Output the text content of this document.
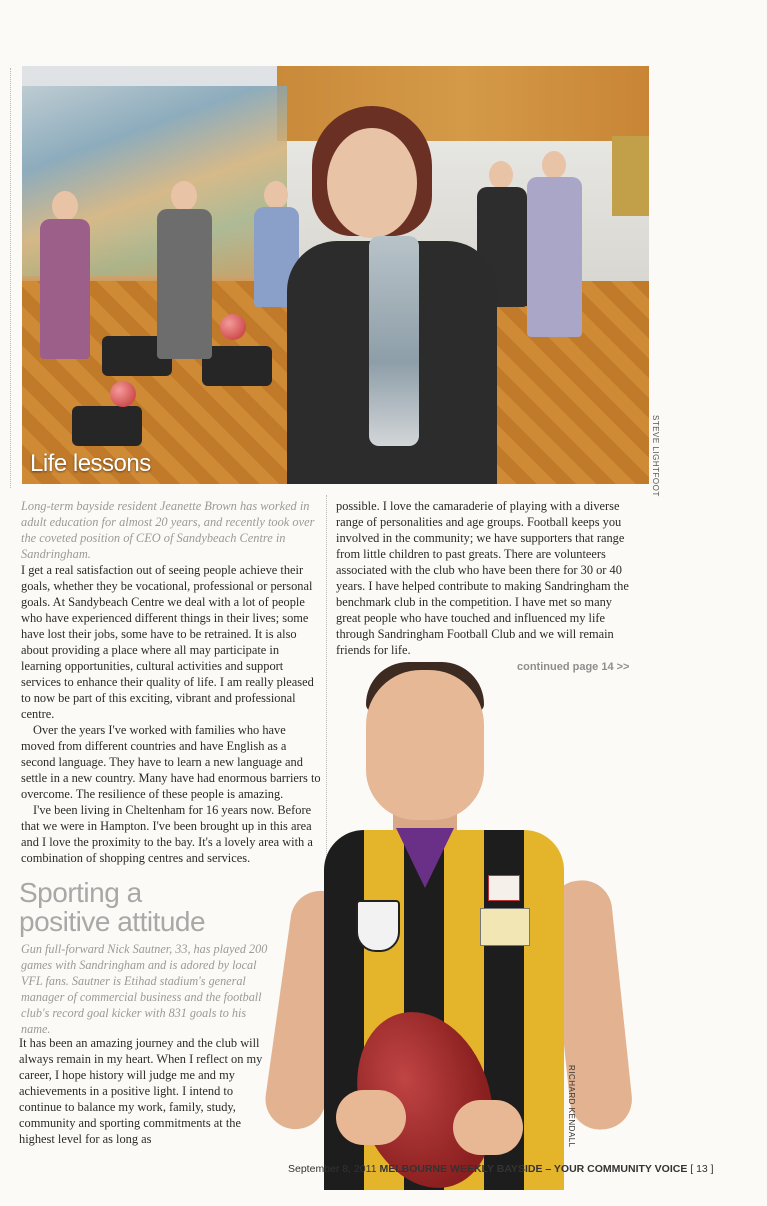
Life lessons	STEVE LIGHTFOOT

Long-term bayside resident Jeanette Brown has worked in adult education for almost 20 years, and recently took over the coveted position of CEO of Sandybeach Centre in Sandringham.

I get a real satisfaction out of seeing people achieve their goals, whether they be vocational, professional or personal goals. At Sandybeach Centre we deal with a lot of people who have experienced different things in their lives; some have lost their jobs, some have to be retrained. It is also about providing a place where all may participate in learning opportunities, cultural activities and support services to enhance their quality of life. I am really pleased to now be part of this exciting, vibrant and professional centre.

Over the years I've worked with families who have moved from different countries and have English as a second language. They have to learn a new language and settle in a new country. Many have had enormous barriers to overcome. The resilience of these people is amazing.

I've been living in Cheltenham for 16 years now. Before that we were in Hampton. I've been brought up in this area and I love the proximity to the bay. It's a lovely area with a combination of shopping centres and services.

possible. I love the camaraderie of playing with a diverse range of personalities and age groups. Football keeps you involved in the community; we have supporters that range from little children to past greats. There are volunteers associated with the club who have been there for 30 or 40 years. I have helped contribute to making Sandringham the benchmark club in the competition. I have met so many great people who have touched and influenced my life through Sandringham Football Club and we will remain friends for life.

continued page 14 >>
Sporting a
positive attitude
Gun full-forward Nick Sautner, 33, has played 200 games with Sandringham and is adored by local VFL fans. Sautner is Etihad stadium's general manager of commercial business and the football club's record goal kicker with 831 goals to his name.
It has been an amazing journey and the club will always remain in my heart. When I reflect on my career, I hope history will judge me and my achievements in a positive light. I intend to continue to balance my work, family, study, community and sporting commitments at the highest level for as long as	RICHARD KENDALL
September 8, 2011 MELBOURNE WEEKLY BAYSIDE – YOUR COMMUNITY VOICE [ 13 ]
